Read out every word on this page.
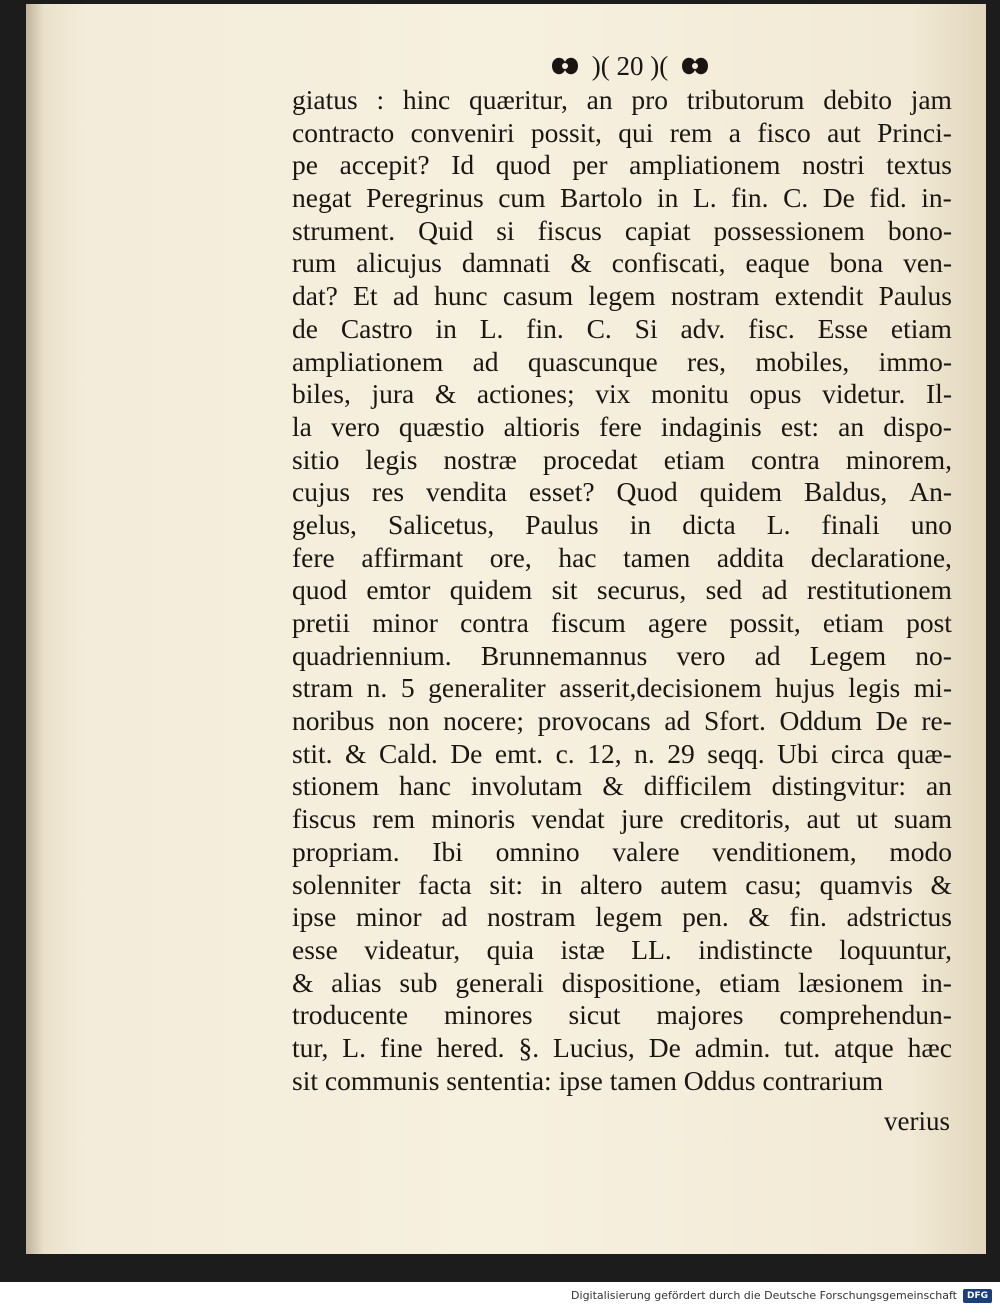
)( 20 )(
giatus : hinc quæritur, an pro tributorum debito jam
contracto conveniri possit, qui rem a fisco aut Princi-
pe accepit? Id quod per ampliationem nostri textus
negat Peregrinus cum Bartolo in L. fin. C. De fid. in-
strument. Quid si fiscus capiat possessionem bono-
rum alicujus damnati & confiscati, eaque bona ven-
dat? Et ad hunc casum legem nostram extendit Paulus
de Castro in L. fin. C. Si adv. fisc. Esse etiam
ampliationem ad quascunque res, mobiles, immo-
biles, jura & actiones; vix monitu opus videtur. Il-
la vero quæstio altioris fere indaginis est: an dispo-
sitio legis nostræ procedat etiam contra minorem,
cujus res vendita esset? Quod quidem Baldus, An-
gelus, Salicetus, Paulus in dicta L. finali uno
fere affirmant ore, hac tamen addita declaratione,
quod emtor quidem sit securus, sed ad restitutionem
pretii minor contra fiscum agere possit, etiam post
quadriennium. Brunnemannus vero ad Legem no-
stram n. 5 generaliter asserit,decisionem hujus legis mi-
noribus non nocere; provocans ad Sfort. Oddum De re-
stit. & Cald. De emt. c. 12, n. 29 seqq. Ubi circa quæ-
stionem hanc involutam & difficilem distingvitur: an
fiscus rem minoris vendat jure creditoris, aut ut suam
propriam. Ibi omnino valere venditionem, modo
solenniter facta sit: in altero autem casu; quamvis &
ipse minor ad nostram legem pen. & fin. adstrictus
esse videatur, quia istæ LL. indistincte loquuntur,
& alias sub generali dispositione, etiam læsionem in-
troducente minores sicut majores comprehendun-
tur, L. fine hered. §. Lucius, De admin. tut. atque hæc
sit communis sententia: ipse tamen Oddus contrarium
verius
Digitalisierung gefördert durch die Deutsche Forschungsgemeinschaft	DFG
